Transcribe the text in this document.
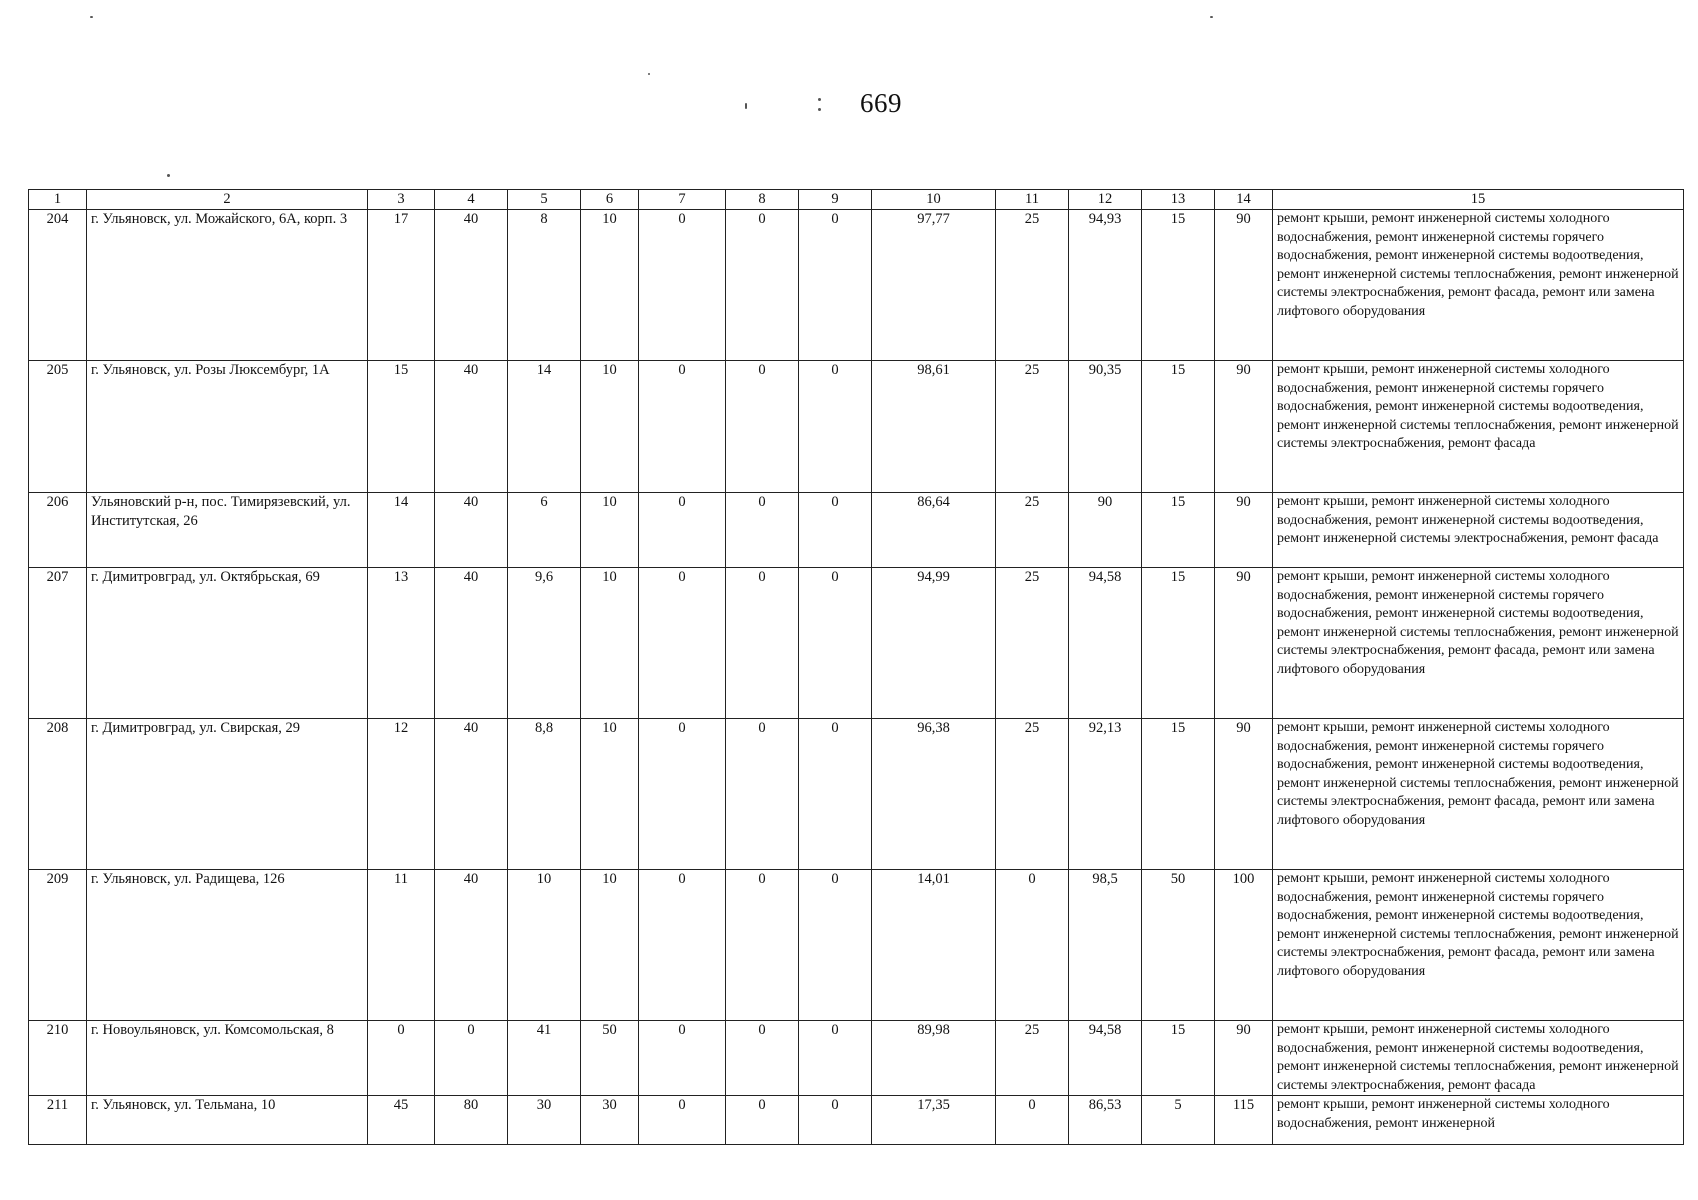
669
1	2	3	4	5	6	7	8	9	10	11	12	13	14	15
204	г. Ульяновск, ул. Можайского, 6А, корп. 3	17	40	8	10	0	0	0	97,77	25	94,93	15	90	ремонт крыши, ремонт инженерной системы холодного водоснабжения, ремонт инженерной системы горячего водоснабжения, ремонт инженерной системы водоотведения, ремонт инженерной системы теплоснабжения, ремонт инженерной системы электроснабжения, ремонт фасада, ремонт или замена лифтового оборудования
205	г. Ульяновск, ул. Розы Люксембург, 1А	15	40	14	10	0	0	0	98,61	25	90,35	15	90	ремонт крыши, ремонт инженерной системы холодного водоснабжения, ремонт инженерной системы горячего водоснабжения, ремонт инженерной системы водоотведения, ремонт инженерной системы теплоснабжения, ремонт инженерной системы электроснабжения, ремонт фасада
206	Ульяновский р-н, пос. Тимирязевский, ул. Институтская, 26	14	40	6	10	0	0	0	86,64	25	90	15	90	ремонт крыши, ремонт инженерной системы холодного водоснабжения, ремонт инженерной системы водоотведения, ремонт инженерной системы электроснабжения, ремонт фасада
207	г. Димитровград, ул. Октябрьская, 69	13	40	9,6	10	0	0	0	94,99	25	94,58	15	90	ремонт крыши, ремонт инженерной системы холодного водоснабжения, ремонт инженерной системы горячего водоснабжения, ремонт инженерной системы водоотведения, ремонт инженерной системы теплоснабжения, ремонт инженерной системы электроснабжения, ремонт фасада, ремонт или замена лифтового оборудования
208	г. Димитровград, ул. Свирская, 29	12	40	8,8	10	0	0	0	96,38	25	92,13	15	90	ремонт крыши, ремонт инженерной системы холодного водоснабжения, ремонт инженерной системы горячего водоснабжения, ремонт инженерной системы водоотведения, ремонт инженерной системы теплоснабжения, ремонт инженерной системы электроснабжения, ремонт фасада, ремонт или замена лифтового оборудования
209	г. Ульяновск, ул. Радищева, 126	11	40	10	10	0	0	0	14,01	0	98,5	50	100	ремонт крыши, ремонт инженерной системы холодного водоснабжения, ремонт инженерной системы горячего водоснабжения, ремонт инженерной системы водоотведения, ремонт инженерной системы теплоснабжения, ремонт инженерной системы электроснабжения, ремонт фасада, ремонт или замена лифтового оборудования
210	г. Новоульяновск, ул. Комсомольская, 8	0	0	41	50	0	0	0	89,98	25	94,58	15	90	ремонт крыши, ремонт инженерной системы холодного водоснабжения, ремонт инженерной системы водоотведения, ремонт инженерной системы теплоснабжения, ремонт инженерной системы электроснабжения, ремонт фасада
211	г. Ульяновск, ул. Тельмана, 10	45	80	30	30	0	0	0	17,35	0	86,53	5	115	ремонт крыши, ремонт инженерной системы холодного водоснабжения, ремонт инженерной
